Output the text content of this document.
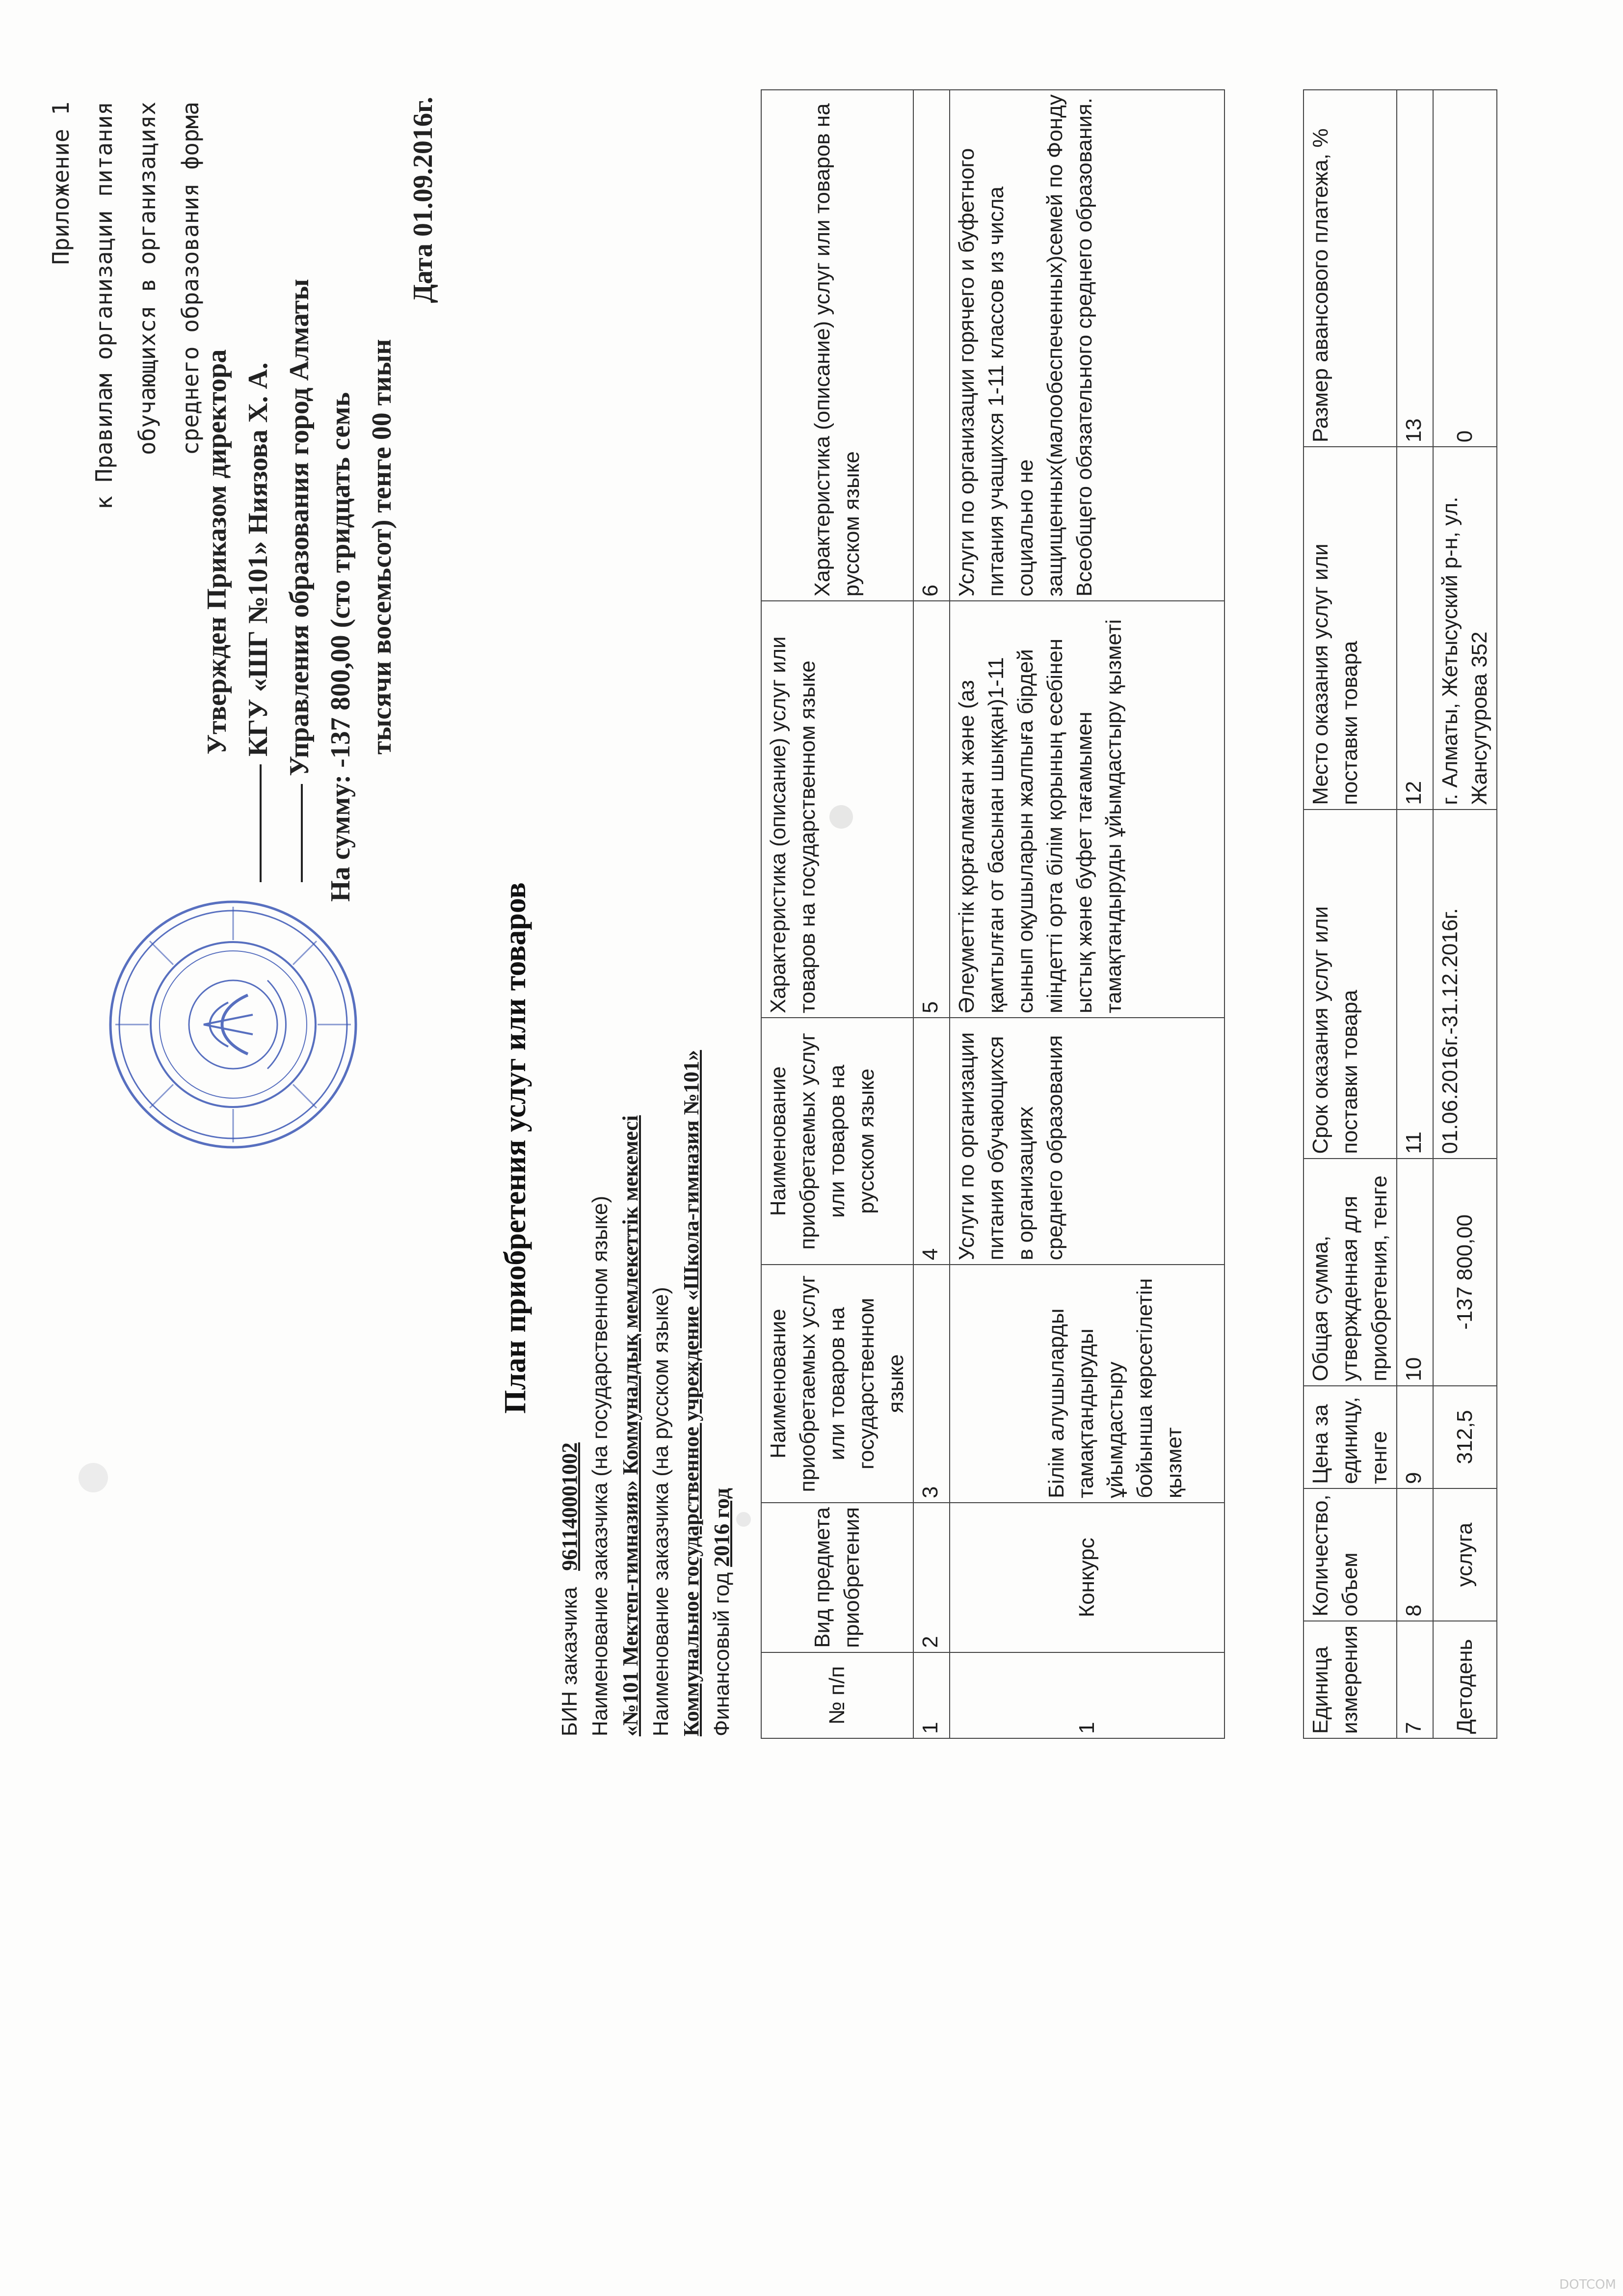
Приложение 1 к Правилам организации питания обучающихся в организациях среднего образования форма
Утвержден Приказом директора КГУ «ШГ №101» Ниязова Х. А. Управления образования город Алматы На сумму: -137 800,00 (сто тридцать семь тысячи восемьсот) тенге 00 тиын
Дата 01.09.2016г.
План приобретения услуг или товаров
БИН заказчика   961140001002 Наименование заказчика (на государственном языке) «№101 Мектеп-гимназия» Коммуналдық мемлекеттік мекемесі Наименование заказчика (на русском языке) Коммунальное государственное учреждение «Школа-гимназия №101» Финансовый год 2016 год
№ п/п	Вид предмета приобретения	Наименование приобретаемых услуг или товаров на государственном языке	Наименование приобретаемых услуг или товаров на русском языке	Характеристика (описание) услуг или товаров на государственном языке	Характеристика (описание) услуг или товаров на русском языке
1	2	3	4	5	6
1	Конкурс	Білім алушыларды тамақтандыруды ұйымдастыру бойынша көрсетілетін қызмет	Услуги по организации питания обучающихся в организациях среднего образования	Әлеуметтік қорғалмаған және (аз қамтылған от басынан шыққан)1-11 сынып оқушыларын жалпыға бірдей міндетті орта білім қорының есебінен ыстық және буфет тағамымен тамақтандыруды ұйымдастыру қызметі	Услуги по организации горячего и буфетного питания учащихся 1-11 классов из числа социально не защищенных(малообеспеченных)семей по Фонду Всеобщего обязательного среднего образования.
Единица измерения	Количество, объем	Цена за единицу, тенге	Общая сумма, утвержденная для приобретения, тенге	Срок оказания услуг или поставки товара	Место оказания услуг или поставки товара	Размер авансового платежа, %
7	8	9	10	11	12	13
Детодень	услуга	312,5	-137 800,00	01.06.2016г.-31.12.2016г.	г. Алматы, Жетысуский р-н, ул. Жансугурова 352	0
DOTCOM
